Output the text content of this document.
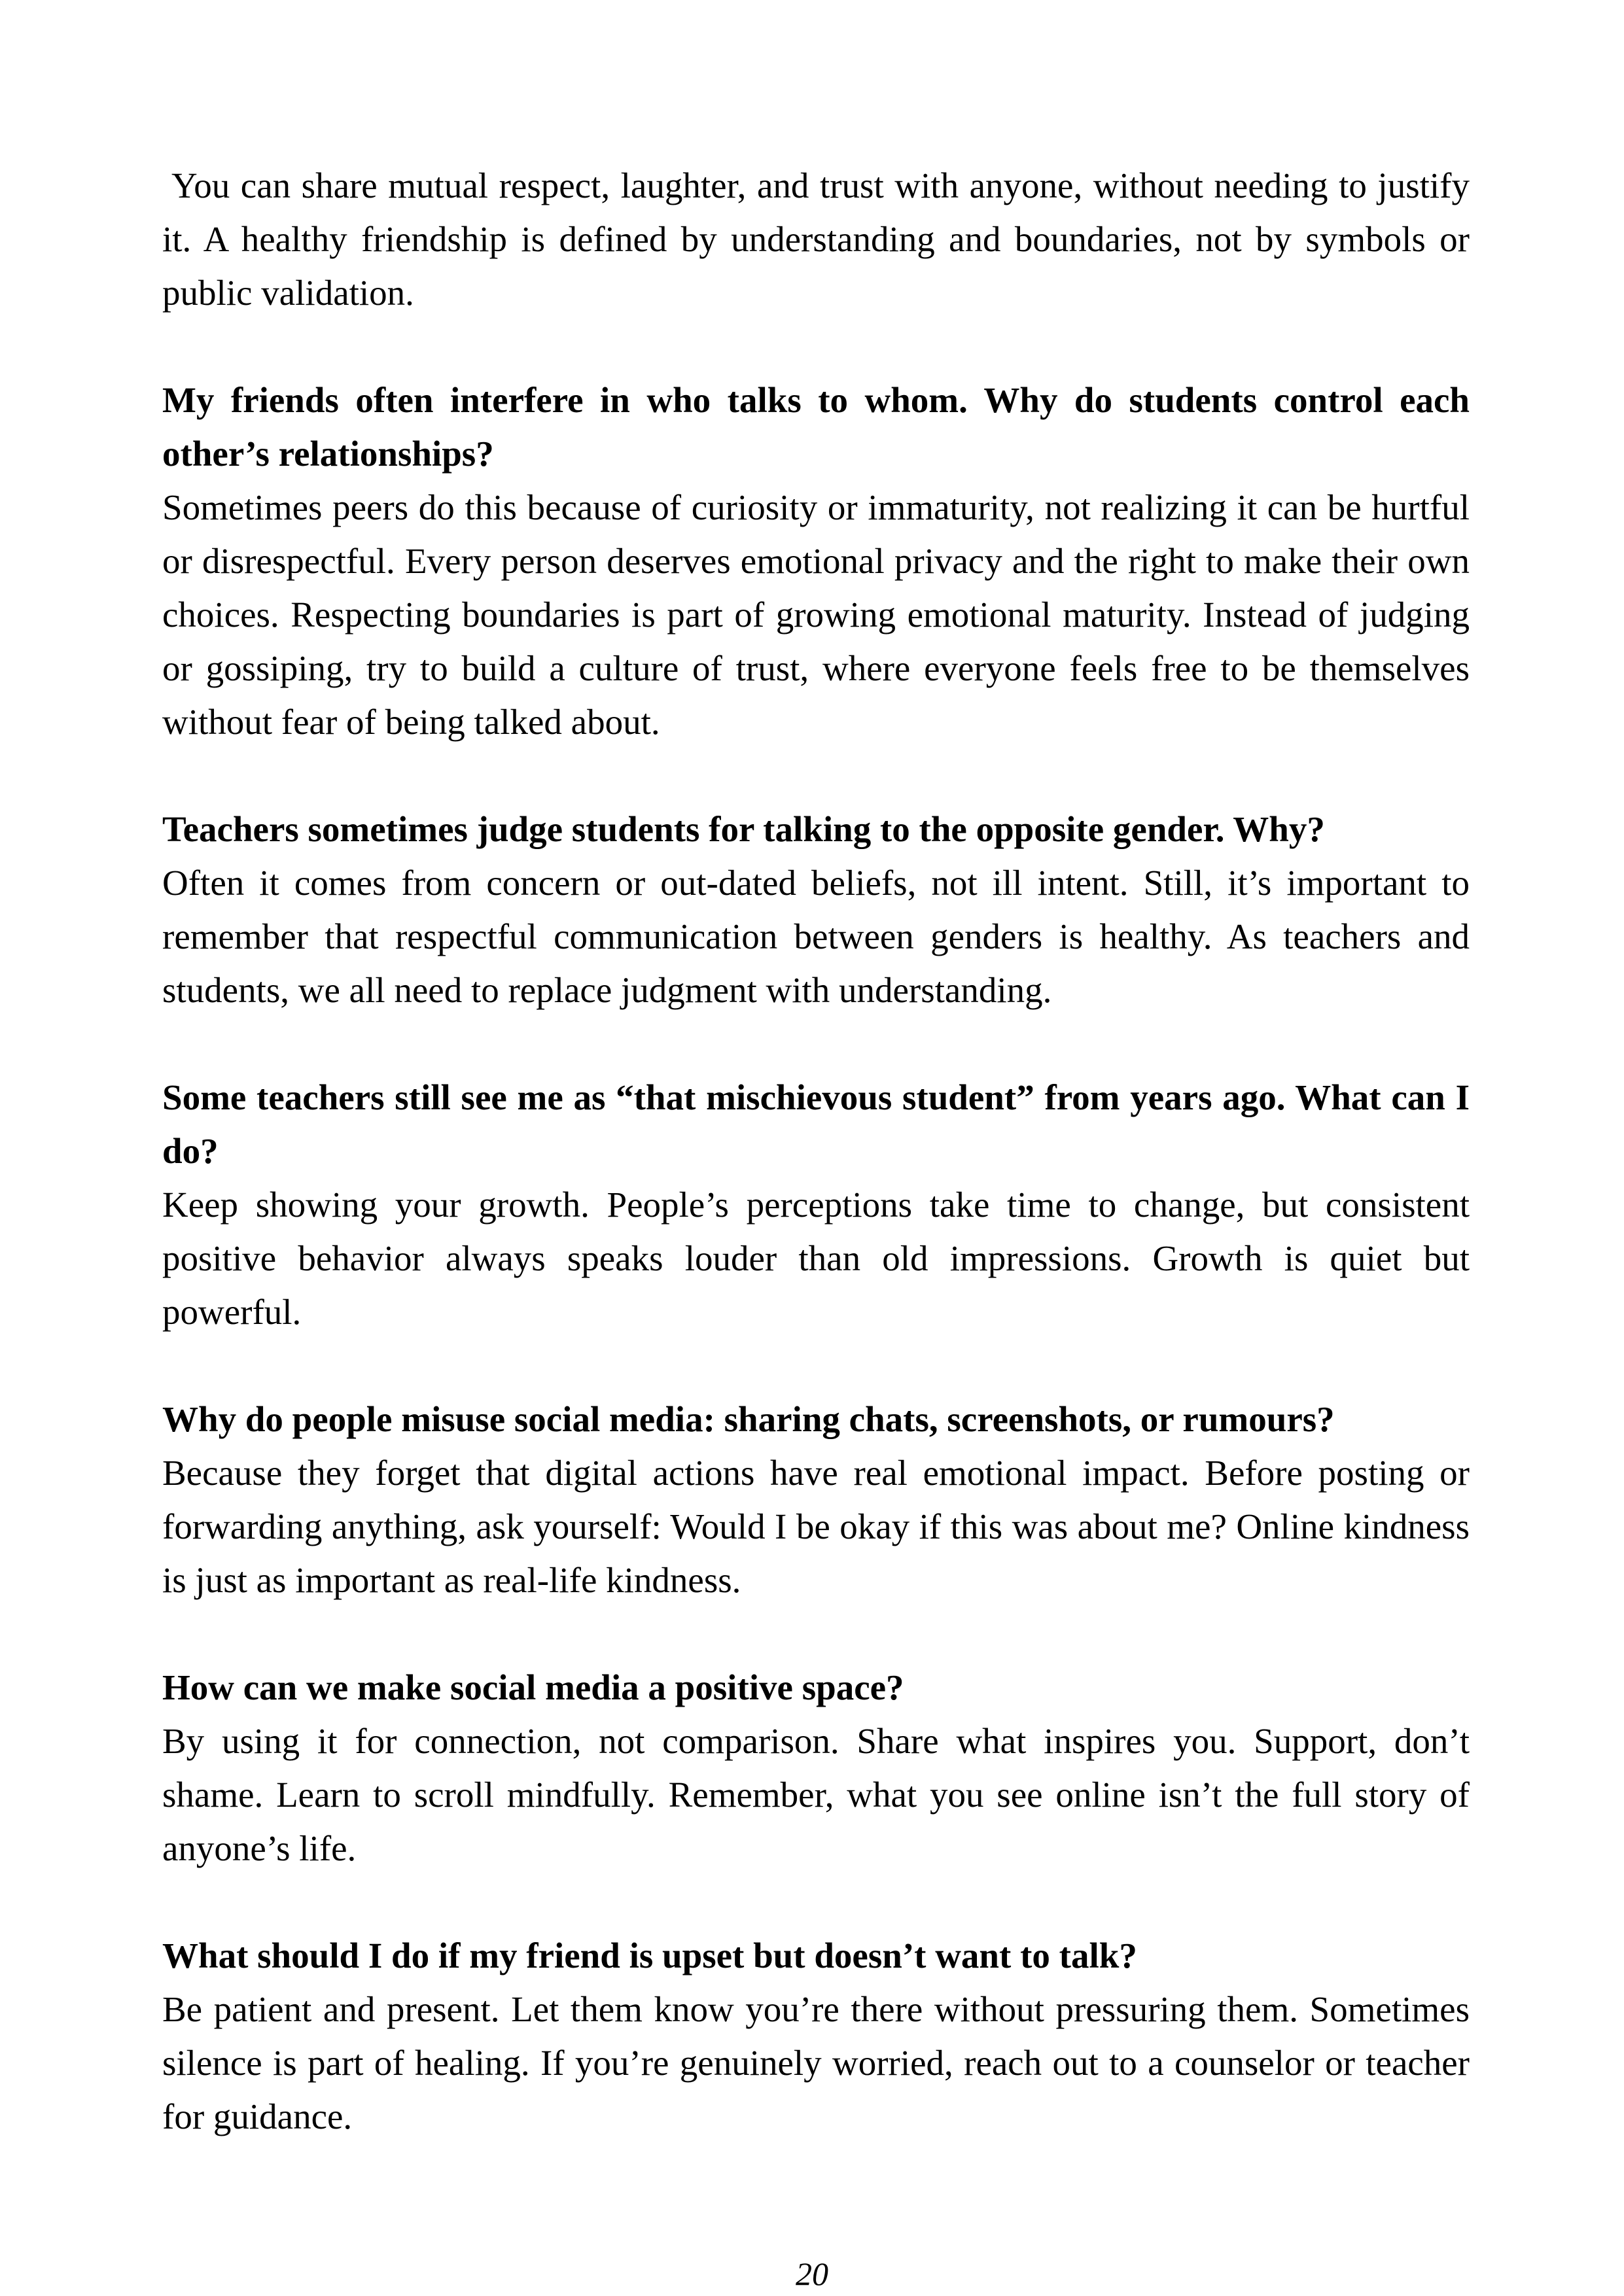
You can share mutual respect, laughter, and trust with anyone, without needing to justify it. A healthy friendship is defined by understanding and boundaries, not by symbols or public validation.

My friends often interfere in who talks to whom. Why do students control each other’s relationships?

Sometimes peers do this because of curiosity or immaturity, not realizing it can be hurtful or disrespectful. Every person deserves emotional privacy and the right to make their own choices. Respecting boundaries is part of growing emotional maturity. Instead of judging or gossiping, try to build a culture of trust, where everyone feels free to be themselves without fear of being talked about.

Teachers sometimes judge students for talking to the opposite gender. Why?

Often it comes from concern or out-dated beliefs, not ill intent. Still, it’s important to remember that respectful communication between genders is healthy. As teachers and students, we all need to replace judgment with understanding.

Some teachers still see me as “that mischievous student” from years ago. What can I do?

Keep showing your growth. People’s perceptions take time to change, but consistent positive behavior always speaks louder than old impressions. Growth is quiet but powerful.

Why do people misuse social media: sharing chats, screenshots, or rumours?

Because they forget that digital actions have real emotional impact. Before posting or forwarding anything, ask yourself: Would I be okay if this was about me? Online kindness is just as important as real-life kindness.

How can we make social media a positive space?

By using it for connection, not comparison. Share what inspires you. Support, don’t shame. Learn to scroll mindfully. Remember, what you see online isn’t the full story of anyone’s life.

What should I do if my friend is upset but doesn’t want to talk?

Be patient and present. Let them know you’re there without pressuring them. Sometimes silence is part of healing. If you’re genuinely worried, reach out to a counselor or teacher for guidance.

20
